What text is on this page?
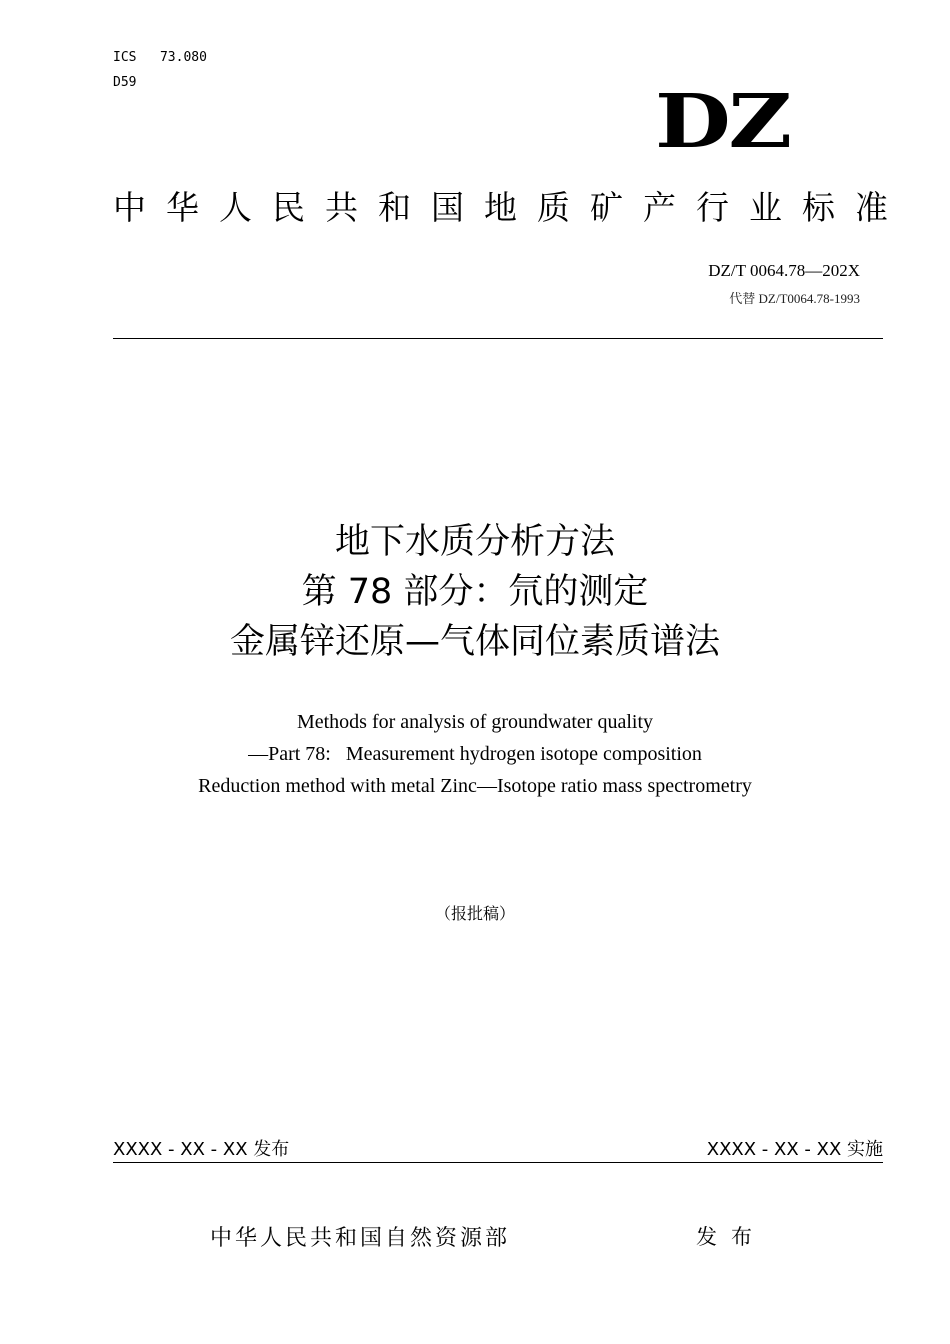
ICS   73.080
D59	DZ
中 华 人 民 共 和 国 地 质 矿 产 行 业 标 准
DZ/T 0064.78—202X
代替 DZ/T0064.78-1993
地下水质分析方法
第 78 部分：氘的测定
金属锌还原—气体同位素质谱法
Methods for analysis of groundwater quality
—Part 78:   Measurement hydrogen isotope composition
Reduction method with metal Zinc—Isotope ratio mass spectrometry
（报批稿）
XXXX - XX - XX 发布	XXXX - XX - XX 实施
中华人民共和国自然资源部	发布
